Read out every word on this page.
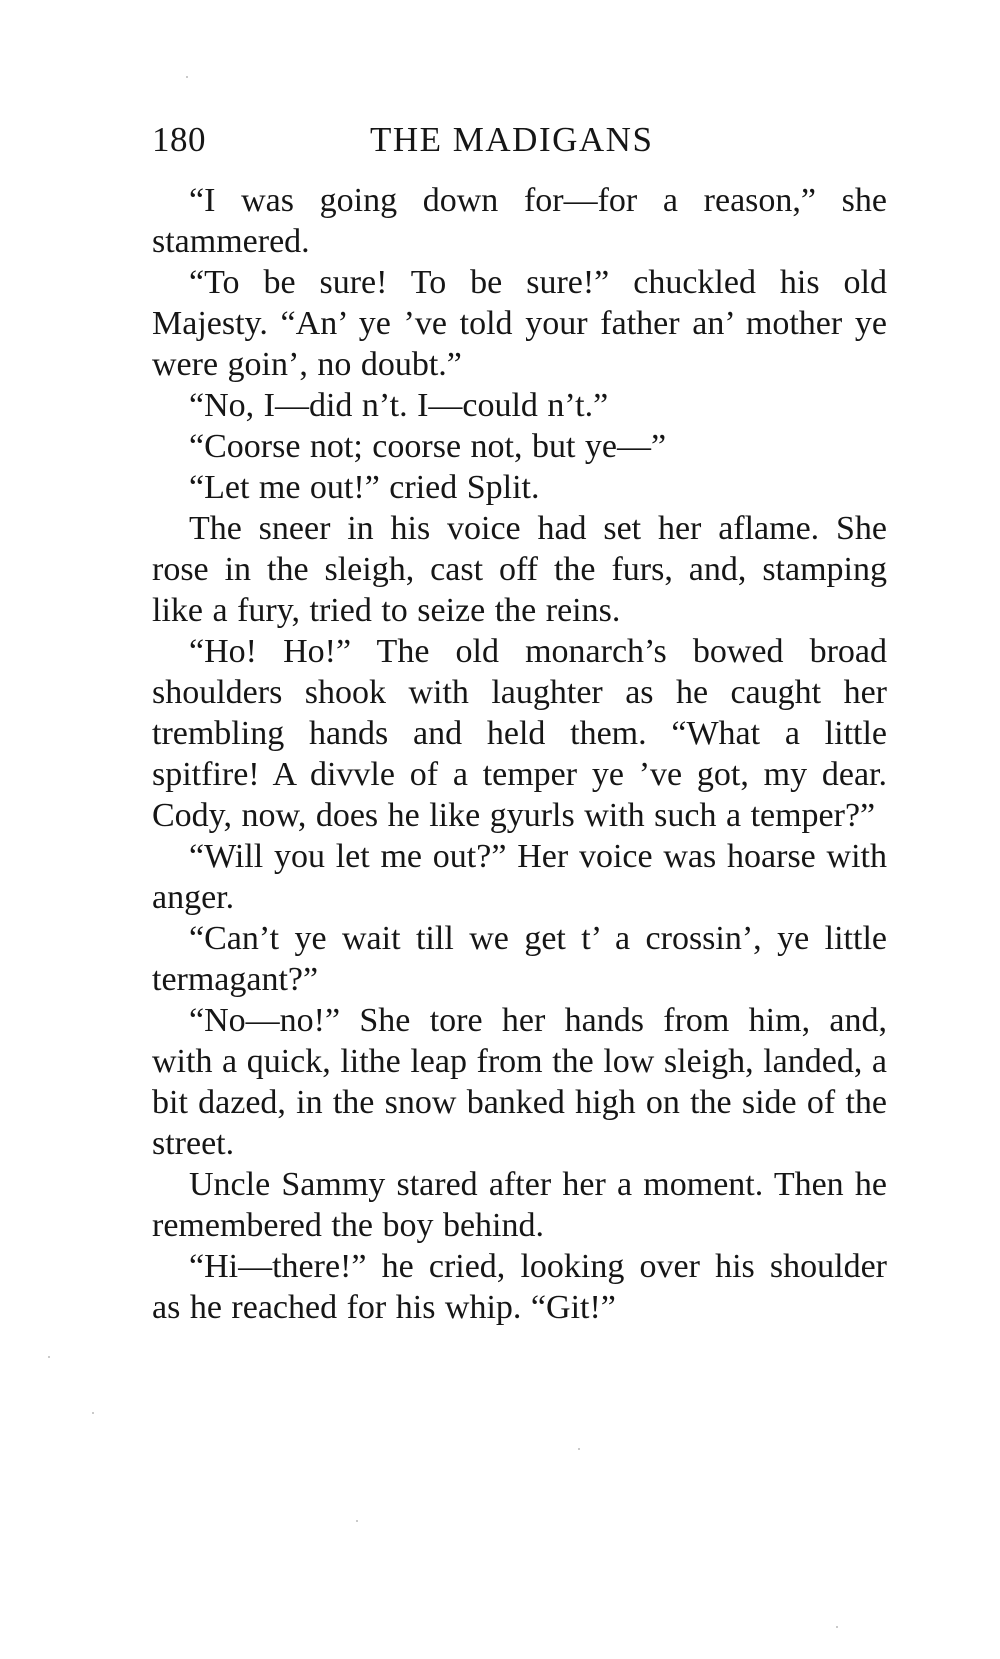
180	THE MADIGANS

“I was going down for—for a reason,” she stammered.

“To be sure! To be sure!” chuckled his old Majesty. “An’ ye ’ve told your father an’ mother ye were goin’, no doubt.”

“No, I—did n’t. I—could n’t.”

“Coorse not; coorse not, but ye—”

“Let me out!” cried Split.

The sneer in his voice had set her aflame. She rose in the sleigh, cast off the furs, and, stamping like a fury, tried to seize the reins.

“Ho! Ho!” The old monarch’s bowed broad shoulders shook with laughter as he caught her trembling hands and held them. “What a little spitfire! A divvle of a temper ye ’ve got, my dear. Cody, now, does he like gyurls with such a temper?”

“Will you let me out?” Her voice was hoarse with anger.

“Can’t ye wait till we get t’ a crossin’, ye little termagant?”

“No—no!” She tore her hands from him, and, with a quick, lithe leap from the low sleigh, landed, a bit dazed, in the snow banked high on the side of the street.

Uncle Sammy stared after her a moment. Then he remembered the boy behind.

“Hi—there!” he cried, looking over his shoulder as he reached for his whip. “Git!”
